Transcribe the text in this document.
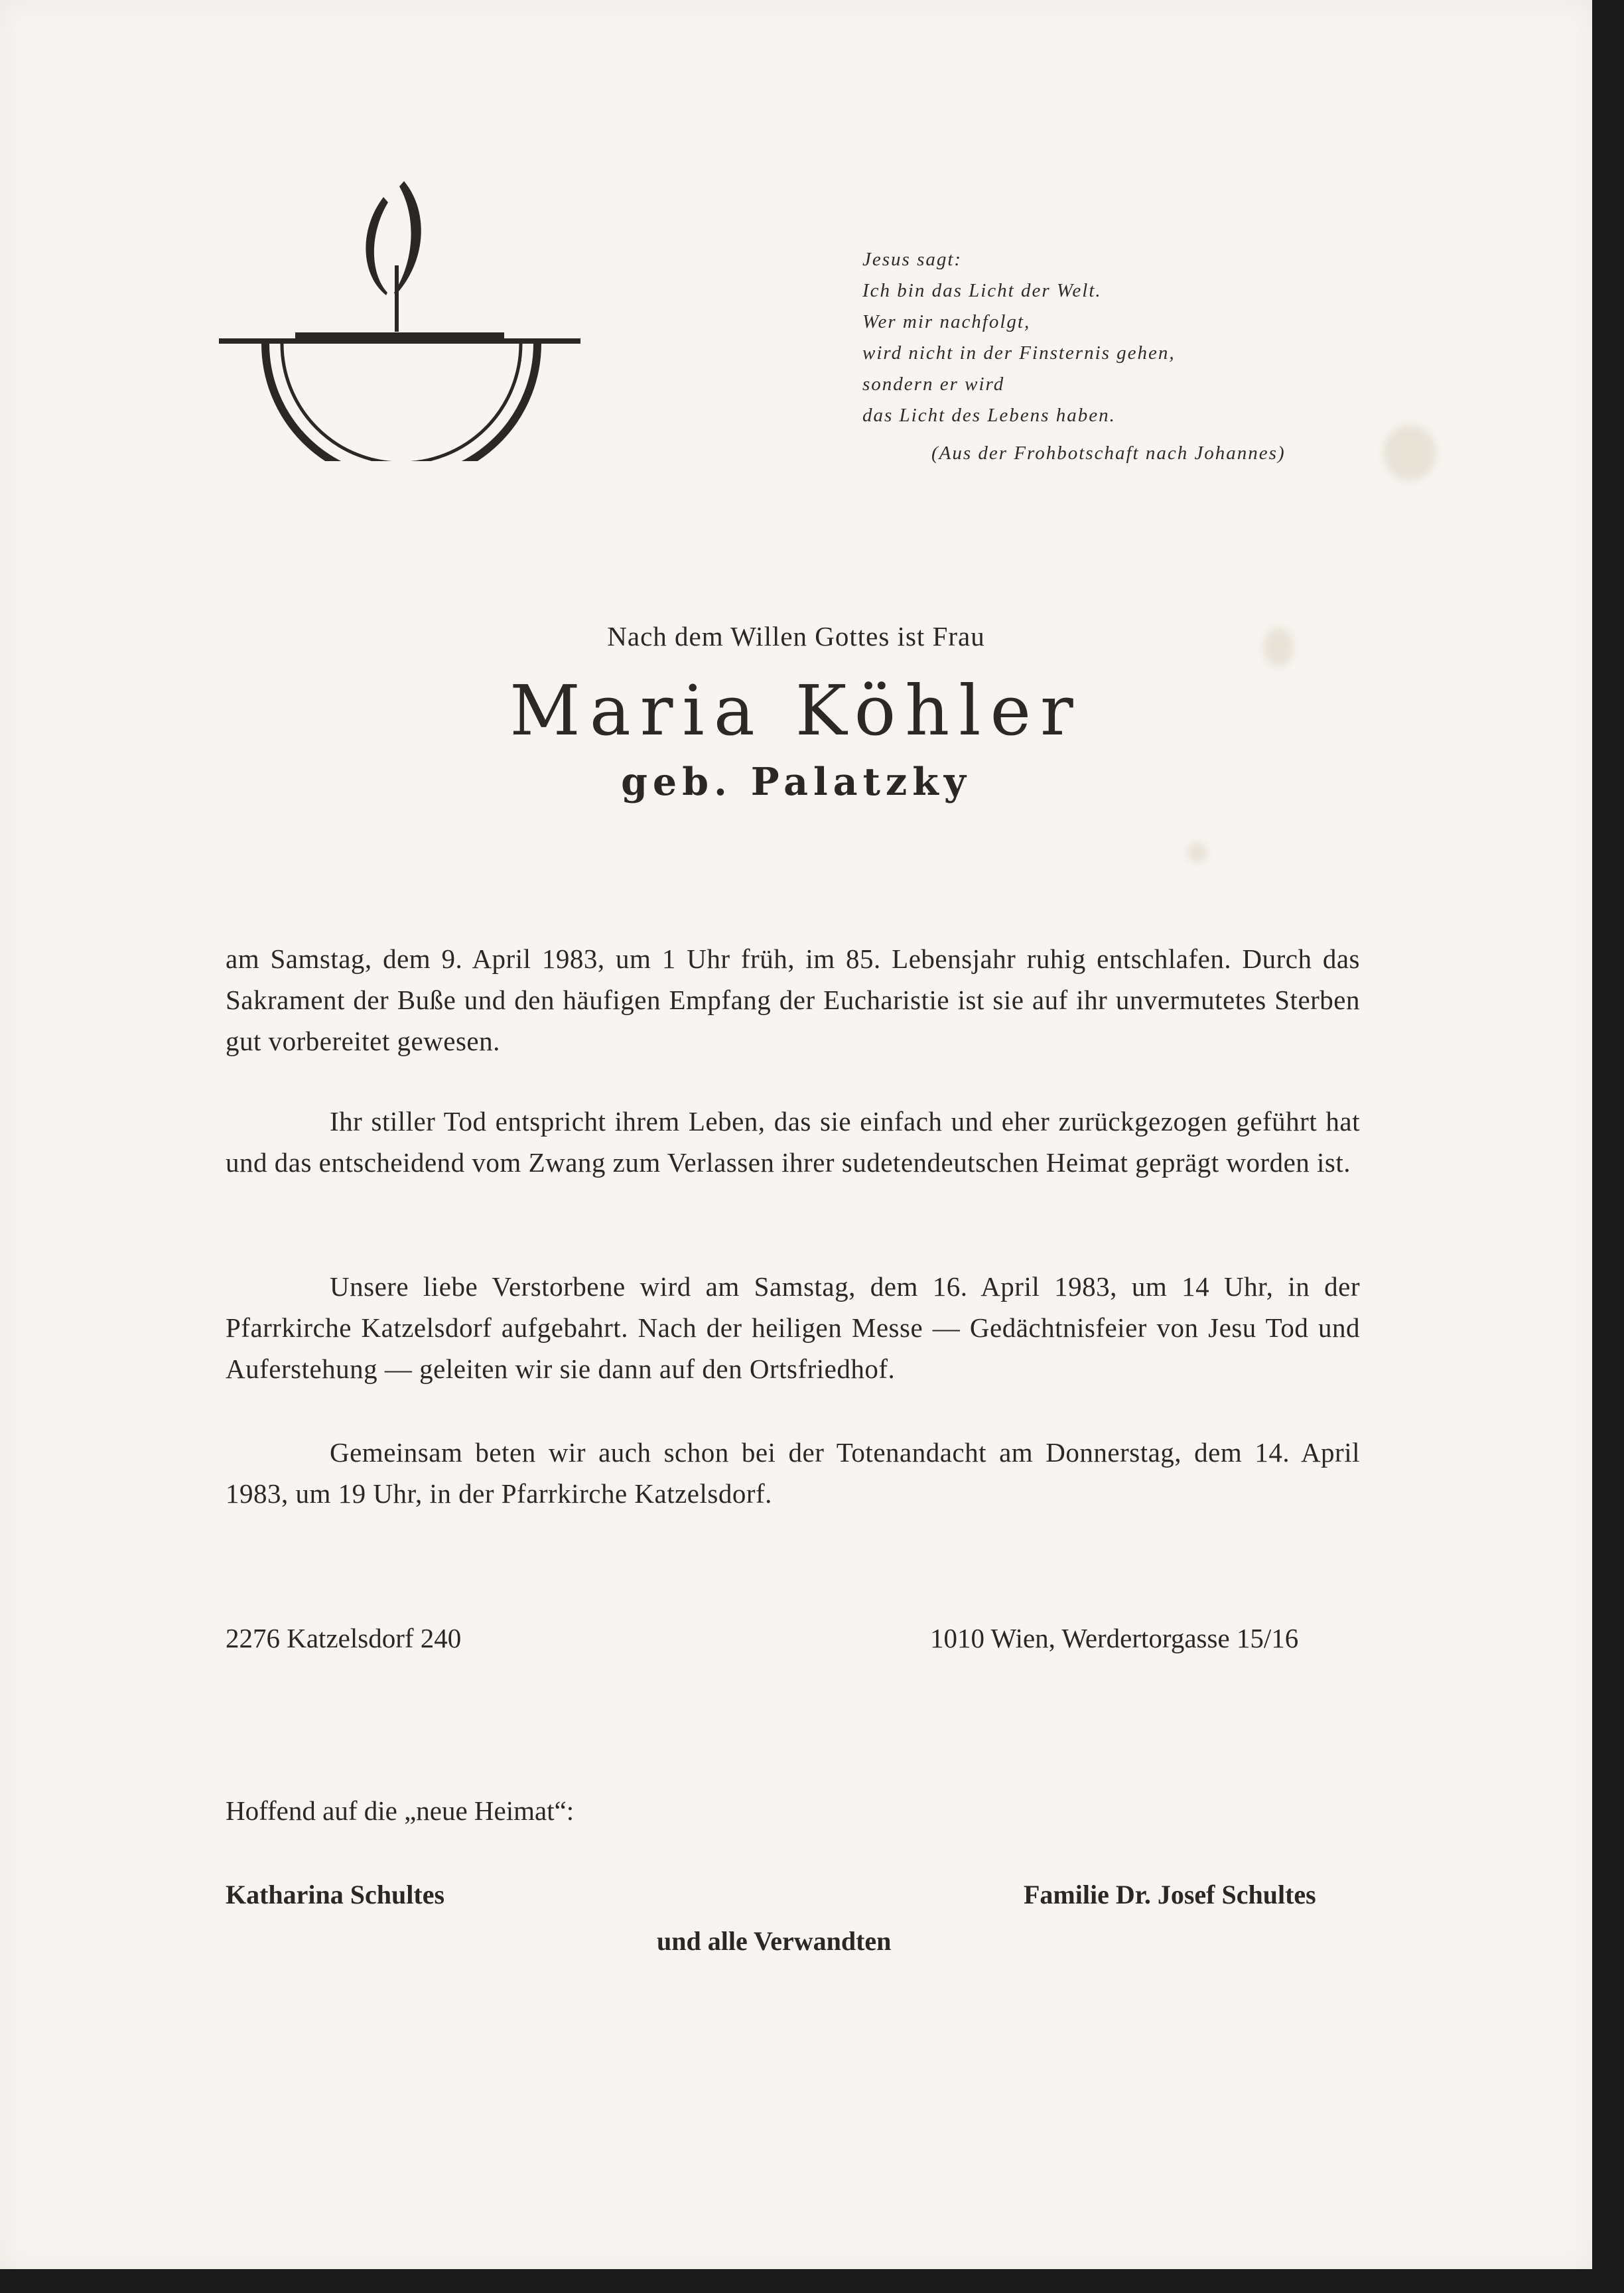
Jesus sagt:
Ich bin das Licht der Welt.
Wer mir nachfolgt,
wird nicht in der Finsternis gehen,
sondern er wird
das Licht des Lebens haben.
(Aus der Frohbotschaft nach Johannes)
Nach dem Willen Gottes ist Frau
Maria Köhler
geb. Palatzky

am Samstag, dem 9. April 1983, um 1 Uhr früh, im 85. Lebensjahr ruhig entschlafen. Durch das Sakrament der Buße und den häufigen Empfang der Eucharistie ist sie auf ihr unvermutetes Sterben gut vorbereitet gewesen.

Ihr stiller Tod entspricht ihrem Leben, das sie einfach und eher zurückgezogen geführt hat und das entscheidend vom Zwang zum Verlassen ihrer sudetendeutschen Heimat geprägt worden ist.

Unsere liebe Verstorbene wird am Samstag, dem 16. April 1983, um 14 Uhr, in der Pfarrkirche Katzelsdorf aufgebahrt. Nach der heiligen Messe — Gedächtnisfeier von Jesu Tod und Auferstehung — geleiten wir sie dann auf den Ortsfriedhof.

Gemeinsam beten wir auch schon bei der Totenandacht am Donnerstag, dem 14. April 1983, um 19 Uhr, in der Pfarrkirche Katzelsdorf.

2276 Katzelsdorf 240	1010 Wien, Werdertorgasse 15/16
Hoffend auf die „neue Heimat“:
Katharina Schultes	Familie Dr. Josef Schultes
und alle Verwandten
